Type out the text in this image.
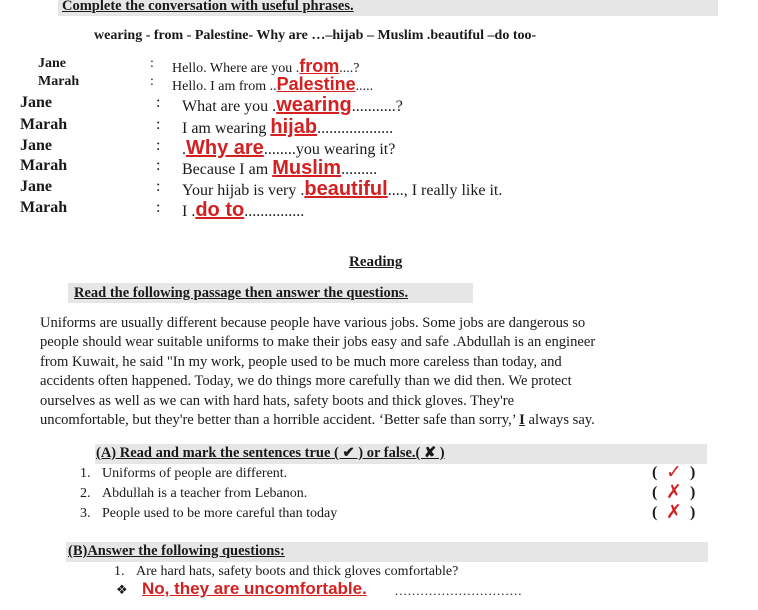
Complete the conversation with useful phrases.
wearing - from - Palestine- Why are …–hijab – Muslim .beautiful –do too-
Jane	: Hello. Where are you .from....?
Marah	: Hello. I am from ..Palestine.....
Jane	: What are you .wearing...........?
Marah	: I am wearing hijab...................
Jane	: .Why are........you wearing it?
Marah	: Because I am Muslim.........
Jane	: Your hijab is very .beautiful...., I really like it.
Marah	: I .do to...............
Reading
Read the following passage then answer the questions.
Uniforms are usually different because people have various jobs. Some jobs are dangerous so
people should wear suitable uniforms to make their jobs easy and safe .Abdullah is an engineer
from Kuwait, he said "In my work, people used to be much more careless than today, and
accidents often happened. Today, we do things more carefully than we did then. We protect
ourselves as well as we can with hard hats, safety boots and thick gloves. They're
uncomfortable, but they're better than a horrible accident. ‘Better safe than sorry,’ I always say.
(A) Read and mark the sentences true ( ✔ ) or false.( ✘ )
1. Uniforms of people are different.	( ✓ )
2. Abdullah is a teacher from Lebanon.	( ✗ )
3. People used to be more careful than today	( ✗ )
(B)Answer the following questions:
1. Are hard hats, safety boots and thick gloves comfortable?
❖ No, they are uncomfortable. ..............................
